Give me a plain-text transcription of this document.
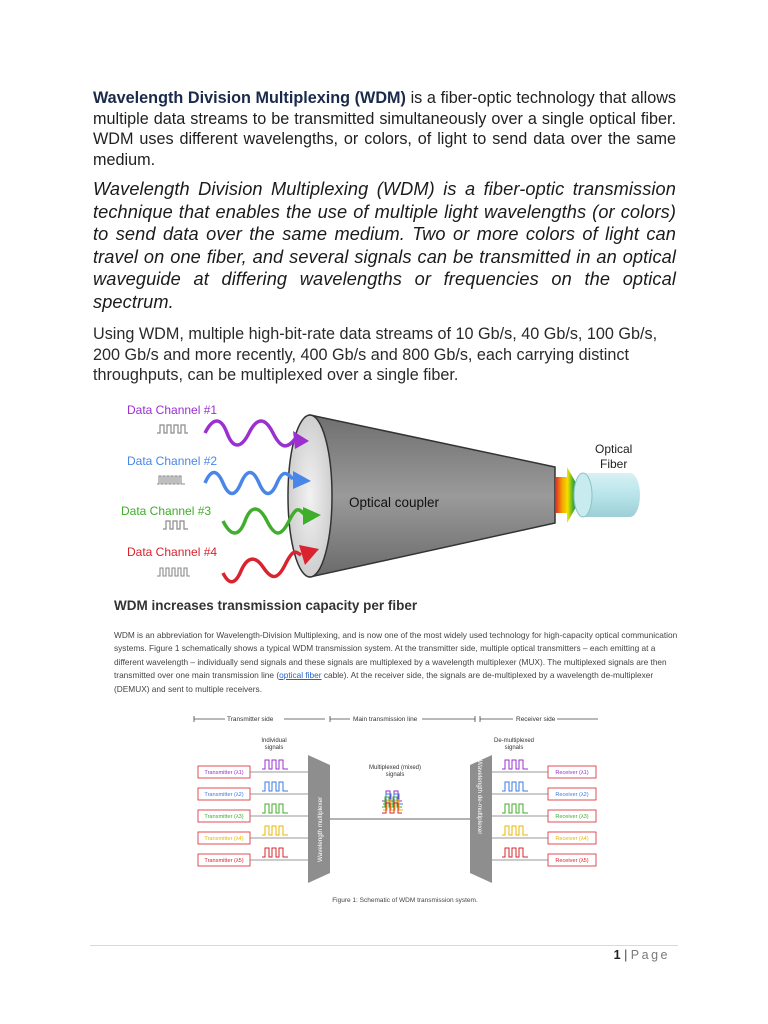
Wavelength Division Multiplexing (WDM) is a fiber-optic technology that allows multiple data streams to be transmitted simultaneously over a single optical fiber. WDM uses different wavelengths, or colors, of light to send data over the same medium.
Wavelength Division Multiplexing (WDM) is a fiber-optic transmission technique that enables the use of multiple light wavelengths (or colors) to send data over the same medium. Two or more colors of light can travel on one fiber, and several signals can be transmitted in an optical waveguide at differing wavelengths or frequencies on the optical spectrum.
Using WDM, multiple high-bit-rate data streams of 10 Gb/s, 40 Gb/s, 100 Gb/s, 200 Gb/s and more recently, 400 Gb/s and 800 Gb/s, each carrying distinct throughputs, can be multiplexed over a single fiber.
Optical coupler
Optical
Fiber
Data Channel #1
Data Channel #2
Data Channel #3
Data Channel #4
WDM increases transmission capacity per fiber
WDM is an abbreviation for Wavelength-Division Multiplexing, and is now one of the most widely used technology for high-capacity optical communication systems. Figure 1 schematically shows a typical WDM transmission system. At the transmitter side, multiple optical transmitters – each emitting at a different wavelength – individually send signals and these signals are multiplexed by a wavelength multiplexer (MUX). The multiplexed signals are then transmitted over one main transmission line (optical fiber cable). At the receiver side, the signals are de-multiplexed by a wavelength de-multiplexer (DEMUX) and sent to multiple receivers.
Transmitter side	Main transmission line	Receiver side
Individual
signals
De-multiplexed
signals
Multiplexed (mixed)
signals
Wavelength multiplexer	Wavelength de-multiplexer
Transmitter (λ1)	Receiver (λ1)
Transmitter (λ2)	Receiver (λ2)
Transmitter (λ3)	Receiver (λ3)
Transmitter (λ4)	Receiver (λ4)
Transmitter (λ5)	Receiver (λ5)
Figure 1: Schematic of WDM transmission system.
1 | Page
